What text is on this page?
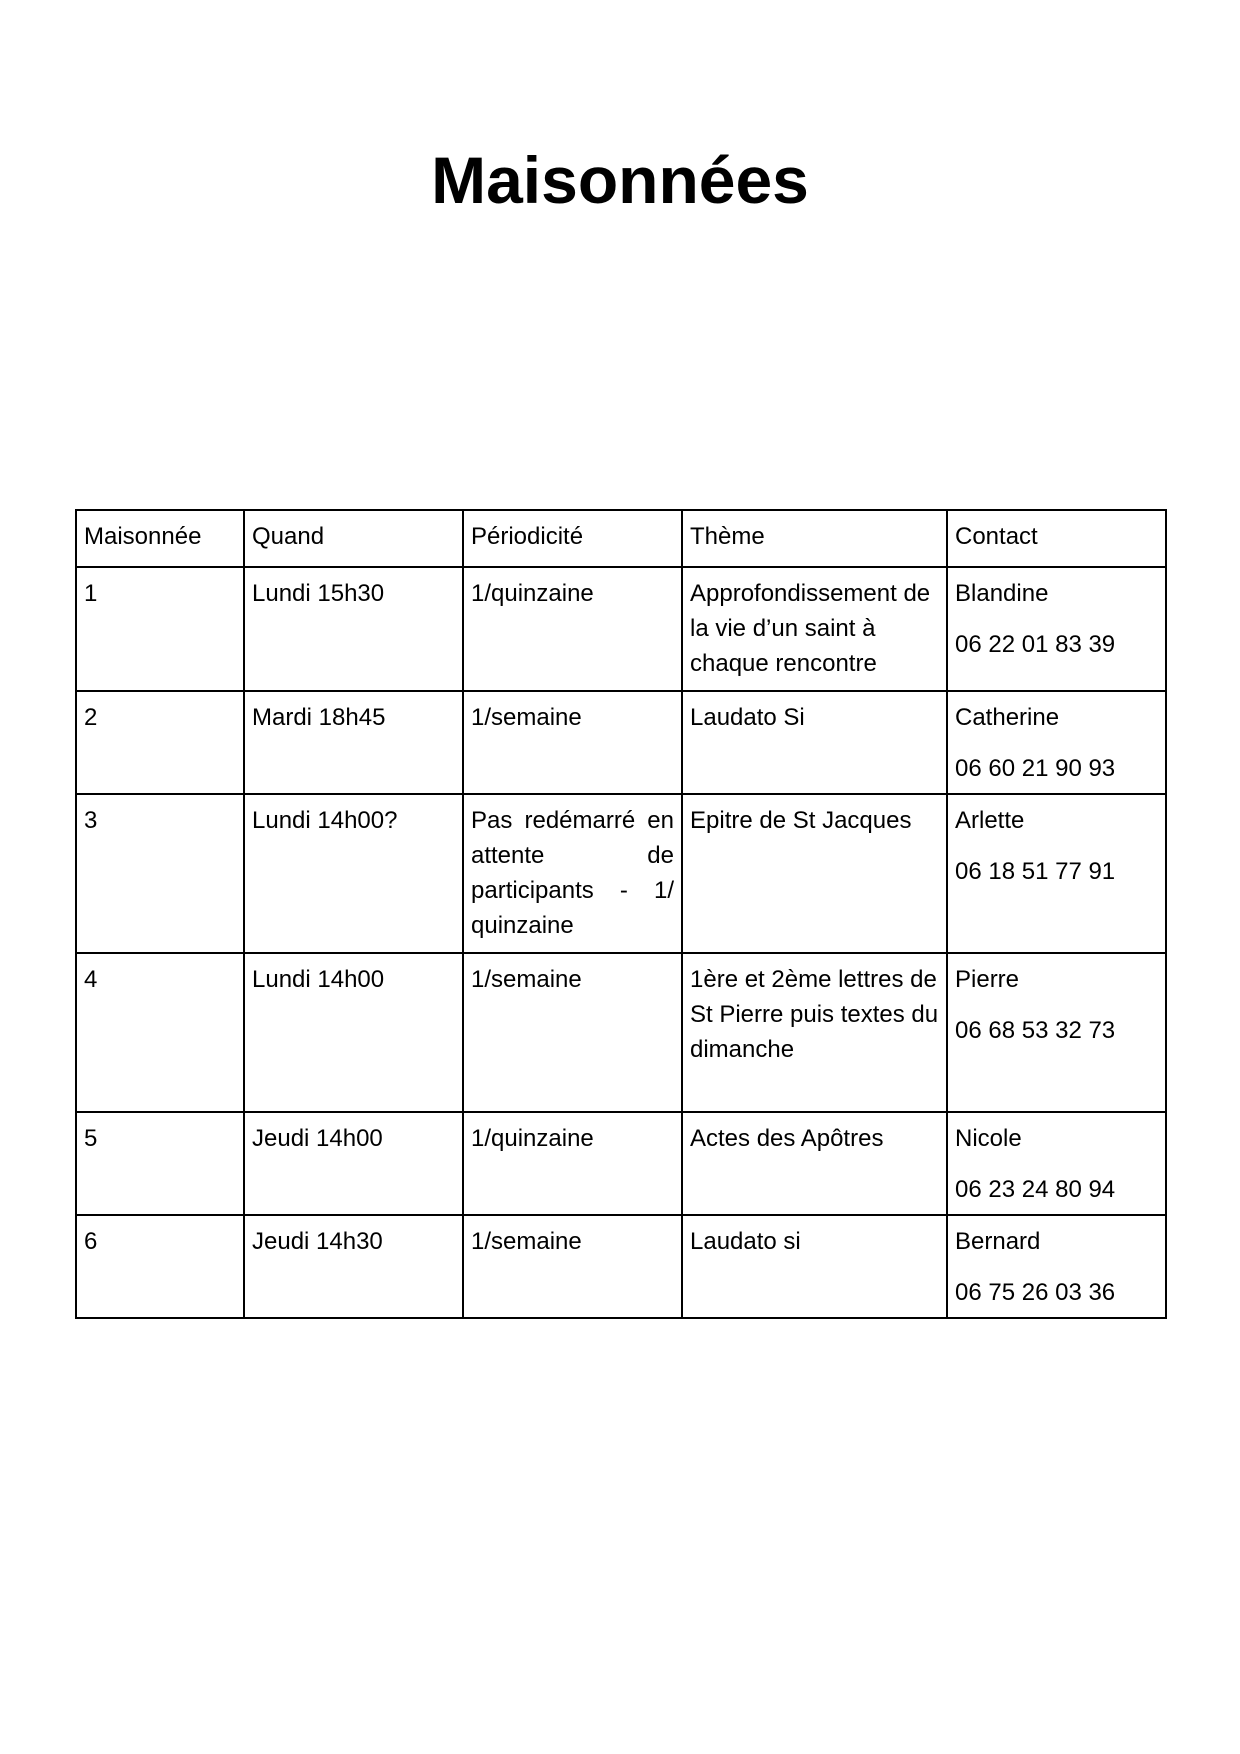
Maisonnées
Maisonnée	Quand	Périodicité	Thème	Contact
1	Lundi 15h30	1/quinzaine	Approfondissement de la vie d’un saint à chaque rencontre	Blandine
06 22 01 83 39

2	Mardi 18h45	1/semaine	Laudato Si	Catherine
06 60 21 90 93

3	Lundi 14h00?	Pas redémarré en attente de participants - 1/ quinzaine	Epitre de St Jacques	Arlette
06 18 51 77 91

4	Lundi 14h00	1/semaine	1ère et 2ème lettres de St Pierre puis textes du dimanche	Pierre
06 68 53 32 73

5	Jeudi 14h00	1/quinzaine	Actes des Apôtres	Nicole
06 23 24 80 94

6	Jeudi 14h30	1/semaine	Laudato si	Bernard
06 75 26 03 36
